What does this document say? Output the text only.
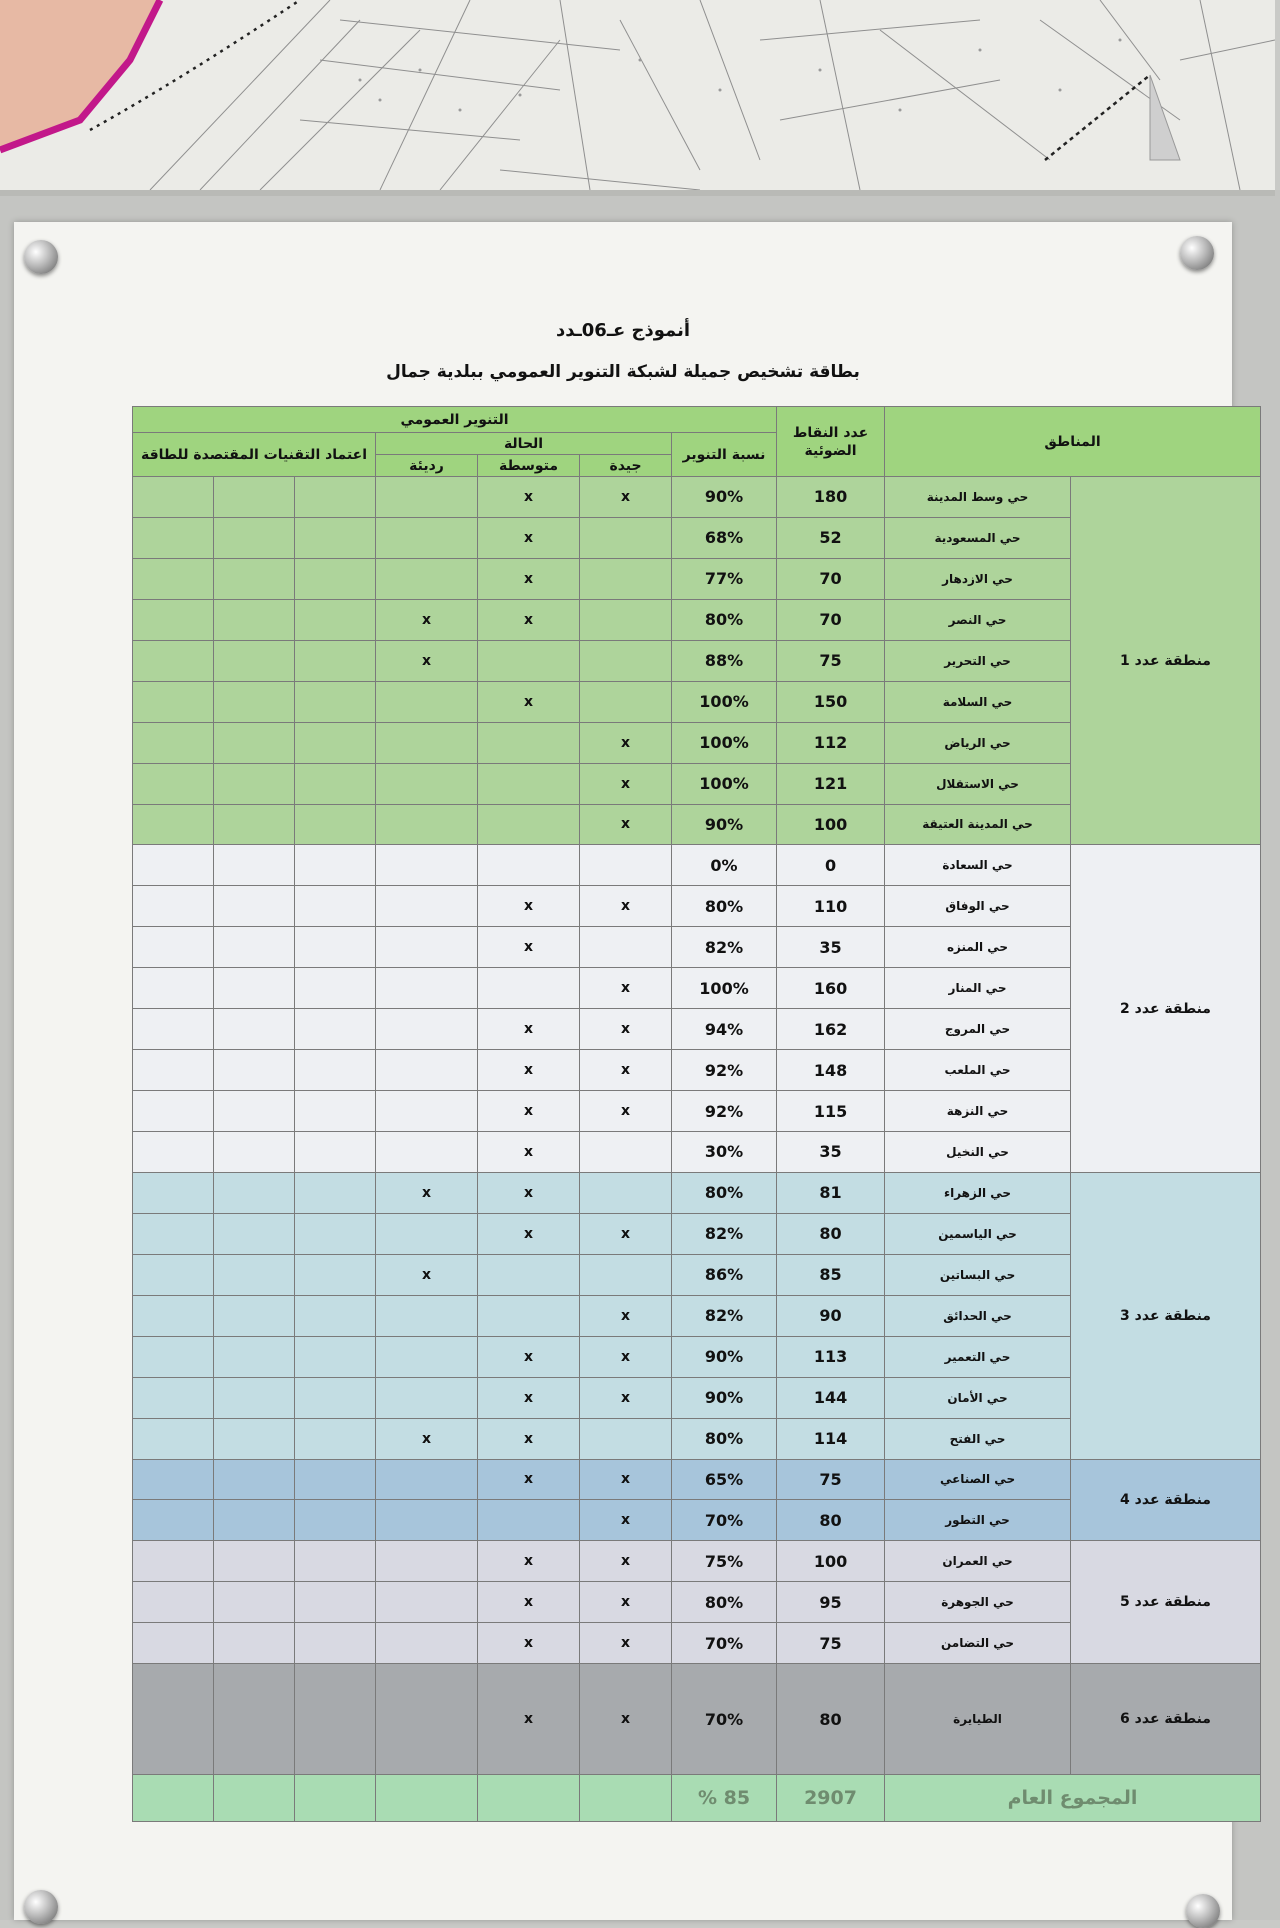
أنموذج ع‍ـ‍06‍ـدد
بطاقة تشخيص جميلة لشبكة التنوير العمومي ببلدية جمال
المناطق		عدد النقاط الضوئية	التنوير العمومي						
			نسبة التنوير	الحالة			اعتماد التقنيات المقتصدة للطاقة		
				جيدة	متوسطة	رديئة			
منطقة عدد 1	حي وسط المدينة	180	90%	x	x				
	حي المسعودية	52	68%		x				
	حي الازدهار	70	77%		x				
	حي النصر	70	80%		x	x			
	حي التحرير	75	88%			x			
	حي السلامة	150	100%		x				
	حي الرياض	112	100%	x					
	حي الاستقلال	121	100%	x					
	حي المدينة العتيقة	100	90%	x					
منطقة عدد 2	حي السعادة	0	0%						
	حي الوفاق	110	80%	x	x				
	حي المنزه	35	82%		x				
	حي المنار	160	100%	x					
	حي المروج	162	94%	x	x				
	حي الملعب	148	92%	x	x				
	حي النزهة	115	92%	x	x				
	حي النخيل	35	30%		x				
منطقة عدد 3	حي الزهراء	81	80%		x	x			
	حي الياسمين	80	82%	x	x				
	حي البساتين	85	86%			x			
	حي الحدائق	90	82%	x					
	حي التعمير	113	90%	x	x				
	حي الأمان	144	90%	x	x				
	حي الفتح	114	80%		x	x			
منطقة عدد 4	حي الصناعي	75	65%	x	x				
	حي التطور	80	70%	x					
منطقة عدد 5	حي العمران	100	75%	x	x				
	حي الجوهرة	95	80%	x	x				
	حي التضامن	75	70%	x	x				
منطقة عدد 6	الطيايرة	80	70%	x	x				
المجموع العام		2907	85 %						
